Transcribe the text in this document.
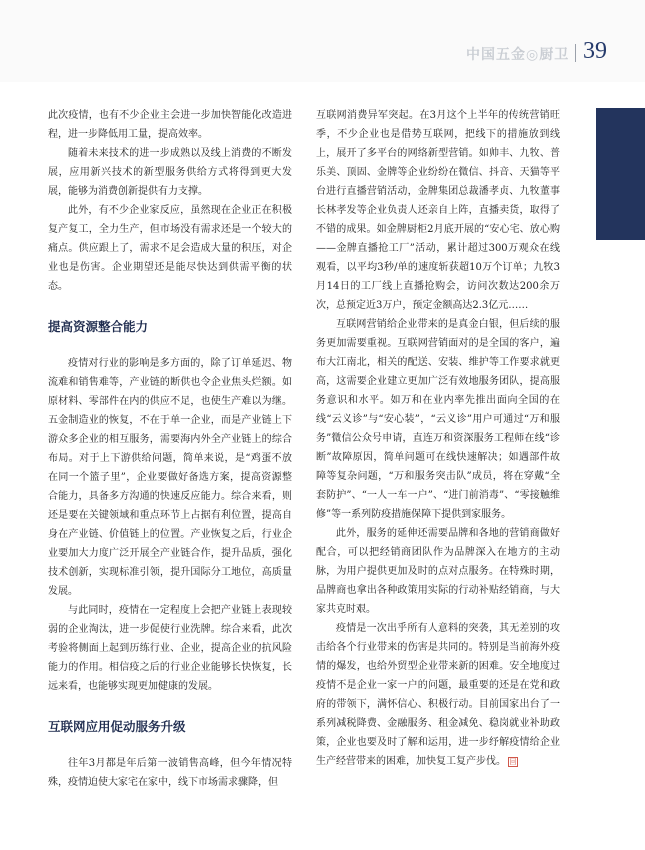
中国五金◎厨卫 39

此次疫情，也有不少企业主会进一步加快智能化改造进程，进一步降低用工量，提高效率。

随着未来技术的进一步成熟以及线上消费的不断发展，应用新兴技术的新型服务供给方式将得到更大发展，能够为消费创新提供有力支撑。

此外，有不少企业家反应，虽然现在企业正在积极复产复工，全力生产，但市场没有需求还是一个较大的痛点。供应跟上了，需求不足会造成大量的积压，对企业也是伤害。企业期望还是能尽快达到供需平衡的状态。

提高资源整合能力

疫情对行业的影响是多方面的，除了订单延迟、物流难和销售难等，产业链的断供也令企业焦头烂额。如原材料、零部件在内的供应不足，也使生产难以为继。五金制造业的恢复，不在于单一企业，而是产业链上下游众多企业的相互服务，需要海内外全产业链上的综合布局。对于上下游供给问题，简单来说，是“鸡蛋不放在同一个篮子里”，企业要做好备选方案，提高资源整合能力，具备多方沟通的快速反应能力。综合来看，则还是要在关键领域和重点环节上占据有利位置，提高自身在产业链、价值链上的位置。产业恢复之后，行业企业要加大力度广泛开展全产业链合作，提升品质，强化技术创新，实现标准引领，提升国际分工地位，高质量发展。

与此同时，疫情在一定程度上会把产业链上表现较弱的企业淘汰，进一步促使行业洗牌。综合来看，此次考验将侧面上起到历练行业、企业，提高企业的抗风险能力的作用。相信疫之后的行业企业能够长快恢复，长远来看，也能够实现更加健康的发展。

互联网应用促动服务升级

往年3月都是年后第一波销售高峰，但今年情况特殊，疫情迫使大家宅在家中，线下市场需求骤降，但

互联网消费异军突起。在3月这个上半年的传统营销旺季，不少企业也是借势互联网，把线下的措施放到线上，展开了多平台的网络新型营销。如帅丰、九牧、普乐美、顶固、金牌等企业纷纷在微信、抖音、天猫等平台进行直播营销活动，金牌集团总裁潘孝贞、九牧董事长林孝发等企业负责人还亲自上阵，直播卖货，取得了不错的成果。如金牌厨柜2月底开展的“安心宅、放心购——金牌直播抢工厂”活动，累计超过300万观众在线观看，以平均3秒/单的速度斩获超10万个订单；九牧3月14日的工厂线上直播抢购会，访问次数达200余万次，总预定近3万户，预定金额高达2.3亿元……

互联网营销给企业带来的是真金白银，但后续的服务更加需要重视。互联网营销面对的是全国的客户，遍布大江南北，相关的配送、安装、维护等工作要求就更高，这需要企业建立更加广泛有效地服务团队，提高服务意识和水平。如万和在业内率先推出面向全国的在线“云义诊”与“安心装”，“云义诊”用户可通过“万和服务”微信公众号申请，直连万和资深服务工程师在线“诊断”故障原因，简单问题可在线快速解决；如遇部件故障等复杂问题，“万和服务突击队”成员，将在穿戴“全套防护”、“一人一车一户”、“进门前消毒”、“零接触维修”等一系列防疫措施保障下提供到家服务。

此外，服务的延伸还需要品牌和各地的营销商做好配合，可以把经销商团队作为品牌深入在地方的主动脉，为用户提供更加及时的点对点服务。在特殊时期，品牌商也拿出各种政策用实际的行动补贴经销商，与大家共克时艰。

疫情是一次出乎所有人意料的突袭，其无差别的攻击给各个行业带来的伤害是共同的。特别是当前海外疫情的爆发，也给外贸型企业带来新的困难。安全地度过疫情不是企业一家一户的问题，最重要的还是在党和政府的带领下，满怀信心、积极行动。目前国家出台了一系列减税降费、金融服务、租金减免、稳岗就业补助政策，企业也要及时了解和运用，进一步纾解疫情给企业生产经营带来的困难，加快复工复产步伐。 回
